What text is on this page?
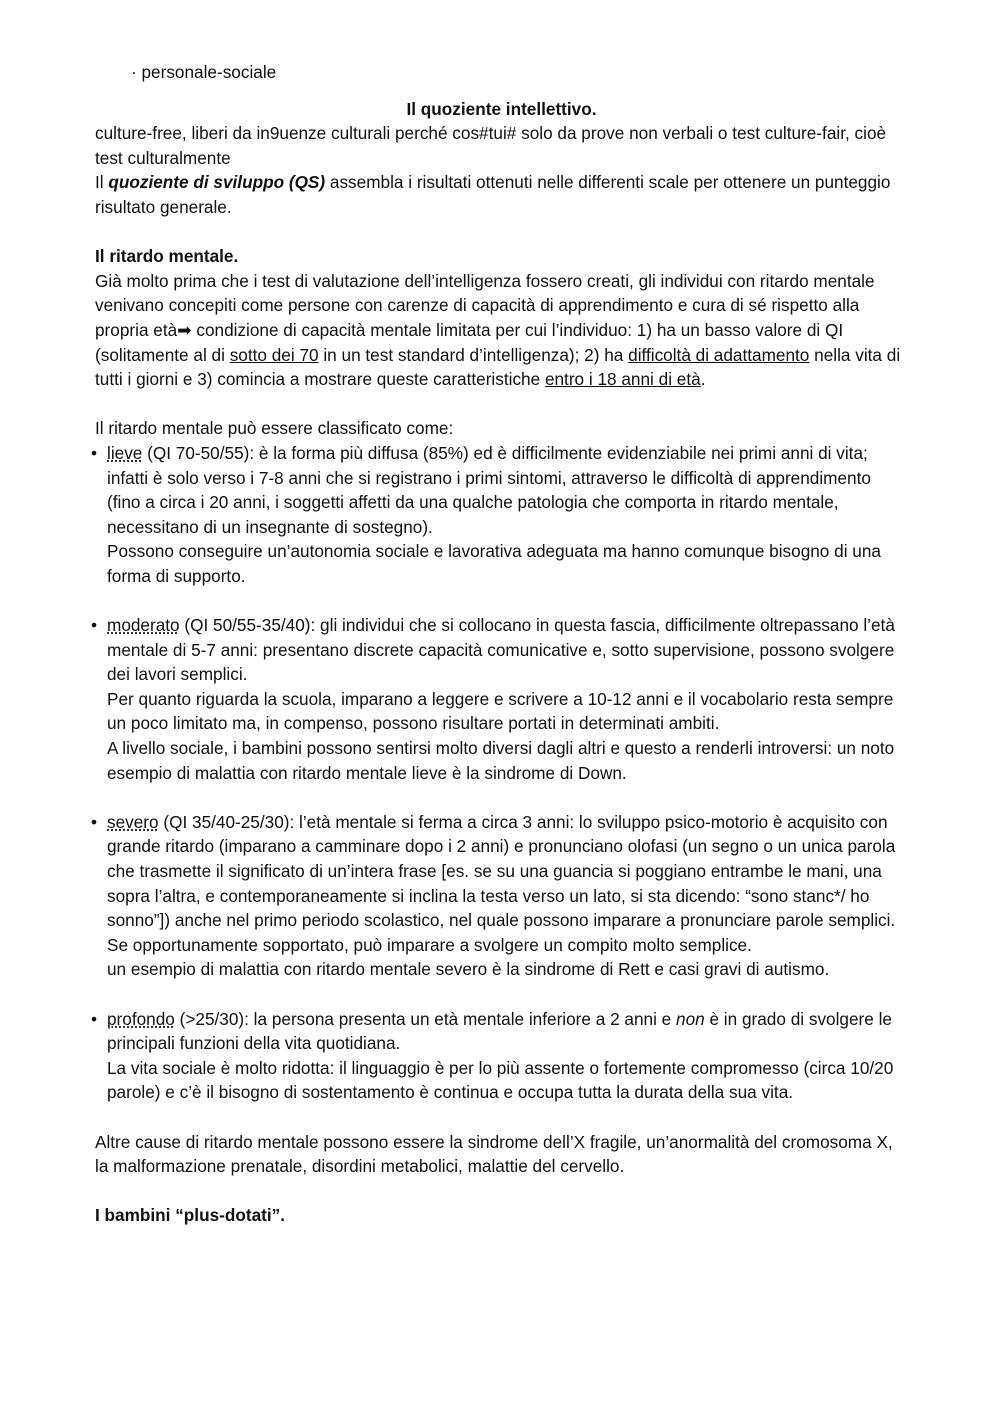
· personale-sociale

Il quoziente intellettivo.

culture-free, liberi da in9uenze culturali perché cos#tui# solo da prove non verbali o test culture-fair, cioè test culturalmente

Il quoziente di sviluppo (QS) assembla i risultati ottenuti nelle differenti scale per ottenere un punteggio risultato generale.

Il ritardo mentale.

Già molto prima che i test di valutazione dell’intelligenza fossero creati, gli individui con ritardo mentale venivano concepiti come persone con carenze di capacità di apprendimento e cura di sé rispetto alla propria età➡ condizione di capacità mentale limitata per cui l’individuo: 1) ha un basso valore di QI (solitamente al di sotto dei 70 in un test standard d’intelligenza); 2) ha difficoltà di adattamento nella vita di tutti i giorni e 3) comincia a mostrare queste caratteristiche entro i 18 anni di età.

Il ritardo mentale può essere classificato come:

• lieve (QI 70-50/55): è la forma più diffusa (85%) ed è difficilmente evidenziabile nei primi anni di vita; infatti è solo verso i 7-8 anni che si registrano i primi sintomi, attraverso le difficoltà di apprendimento (fino a circa i 20 anni, i soggetti affetti da una qualche patologia che comporta in ritardo mentale, necessitano di un insegnante di sostegno).

Possono conseguire un’autonomia sociale e lavorativa adeguata ma hanno comunque bisogno di una forma di supporto.

• moderato (QI 50/55-35/40): gli individui che si collocano in questa fascia, difficilmente oltrepassano l’età mentale di 5-7 anni: presentano discrete capacità comunicative e, sotto supervisione, possono svolgere dei lavori semplici.

Per quanto riguarda la scuola, imparano a leggere e scrivere a 10-12 anni e il vocabolario resta sempre un poco limitato ma, in compenso, possono risultare portati in determinati ambiti.

A livello sociale, i bambini possono sentirsi molto diversi dagli altri e questo a renderli introversi: un noto esempio di malattia con ritardo mentale lieve è la sindrome di Down.

• severo (QI 35/40-25/30): l’età mentale si ferma a circa 3 anni: lo sviluppo psico-motorio è acquisito con grande ritardo (imparano a camminare dopo i 2 anni) e pronunciano olofasi (un segno o un unica parola che trasmette il significato di un’intera frase [es. se su una guancia si poggiano entrambe le mani, una sopra l’altra, e contemporaneamente si inclina la testa verso un lato, si sta dicendo: “sono stanc*/ ho sonno”]) anche nel primo periodo scolastico, nel quale possono imparare a pronunciare parole semplici.

Se opportunamente sopportato, può imparare a svolgere un compito molto semplice.

un esempio di malattia con ritardo mentale severo è la sindrome di Rett e casi gravi di autismo.

• profondo (>25/30): la persona presenta un età mentale inferiore a 2 anni e non è in grado di svolgere le principali funzioni della vita quotidiana.

La vita sociale è molto ridotta: il linguaggio è per lo più assente o fortemente compromesso (circa 10/20 parole) e c’è il bisogno di sostentamento è continua e occupa tutta la durata della sua vita.

Altre cause di ritardo mentale possono essere la sindrome dell’X fragile, un’anormalità del cromosoma X, la malformazione prenatale, disordini metabolici, malattie del cervello.

I bambini “plus-dotati”.
